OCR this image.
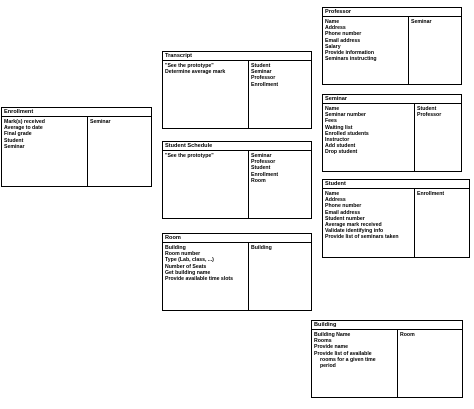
Professor
Name
Address
Phone number
Email address
Salary
Provide information
Seminars instructing
Seminar
Transcript
"See the prototype"
Determine average mark
Student
Seminar
Professor
Enrollment
Enrollment
Mark(s) received
Average to date
Final grade
Student
Seminar
Seminar
Seminar
Name
Seminar number
Fees
Waiting list
Enrolled students
Instructor
Add student
Drop student
Student
Professor
Student Schedule
"See the prototype"	Seminar
Professor
Student
Enrollment
Room
Student
Name
Address
Phone number
Email address
Student number
Average mark received
Validate identifying info
Provide list of seminars taken
Enrollment
Room
Building
Room number
Type (Lab, class, ...)
Number of Seats
Get building name
Provide available time slots
Building
Building
Building Name
Rooms
Provide name
Provide list of available
rooms for a given time
period
Room
